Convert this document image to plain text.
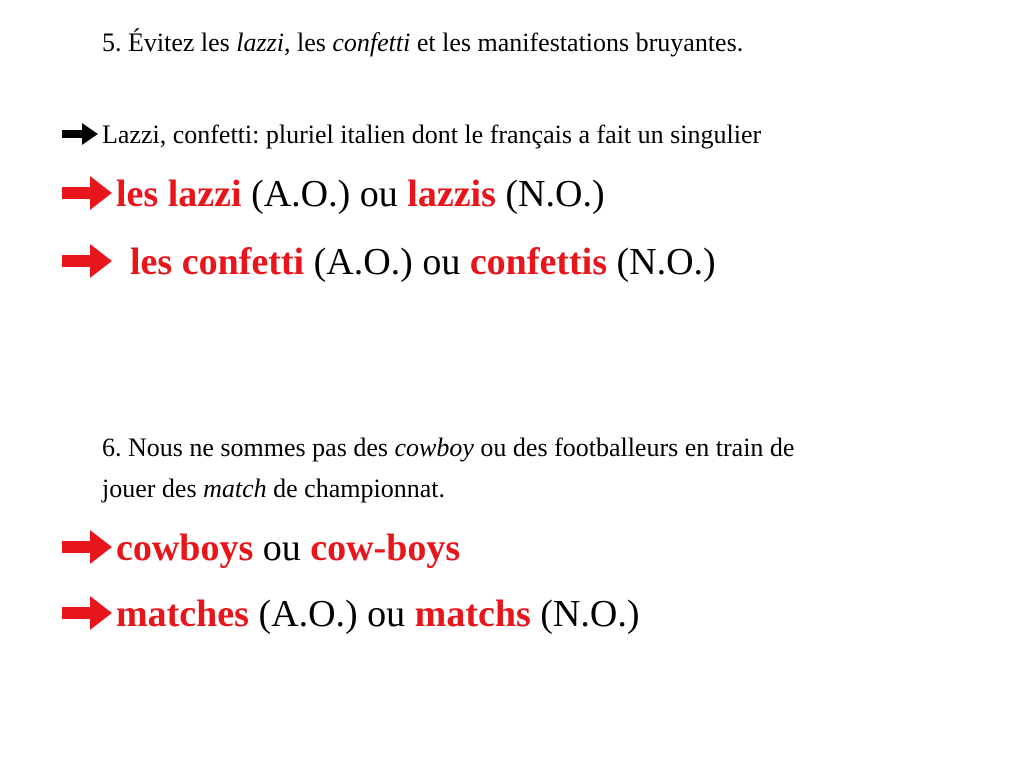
5. Évitez les lazzi, les confetti et les manifestations bruyantes.
Lazzi, confetti: pluriel italien dont le français a fait un singulier
les lazzi (A.O.) ou lazzis (N.O.)
les confetti (A.O.) ou confettis (N.O.)
6. Nous ne sommes pas des cowboy ou des footballeurs en train de
jouer des match de championnat.
cowboys ou cow-boys
matches (A.O.) ou matchs (N.O.)
